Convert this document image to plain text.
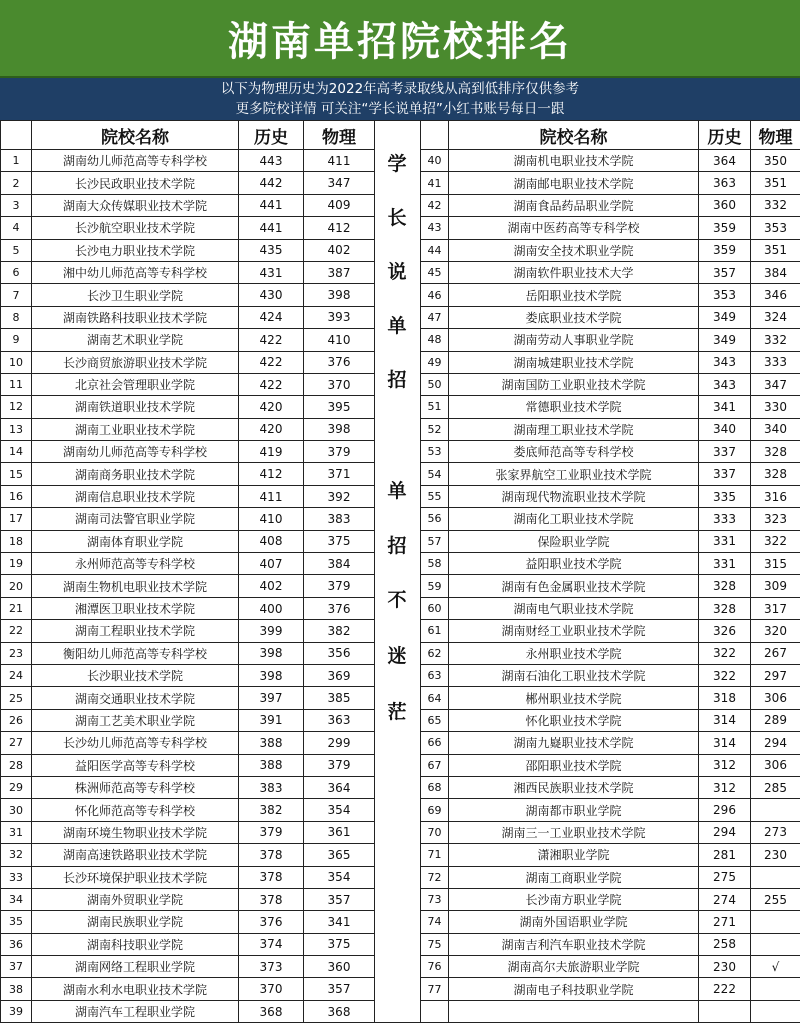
湖南单招院校排名
以下为物理历史为2022年高考录取线从高到低排序仅供参考
更多院校详情 可关注“学长说单招”小红书账号每日一跟
	院校名称	历史	物理
1	湖南幼儿师范高等专科学校	443	411
2	长沙民政职业技术学院	442	347
3	湖南大众传媒职业技术学院	441	409
4	长沙航空职业技术学院	441	412
5	长沙电力职业技术学院	435	402
6	湘中幼儿师范高等专科学校	431	387
7	长沙卫生职业学院	430	398
8	湖南铁路科技职业技术学院	424	393
9	湖南艺术职业学院	422	410
10	长沙商贸旅游职业技术学院	422	376
11	北京社会管理职业学院	422	370
12	湖南铁道职业技术学院	420	395
13	湖南工业职业技术学院	420	398
14	湖南幼儿师范高等专科学校	419	379
15	湖南商务职业技术学院	412	371
16	湖南信息职业技术学院	411	392
17	湖南司法警官职业学院	410	383
18	湖南体育职业学院	408	375
19	永州师范高等专科学校	407	384
20	湖南生物机电职业技术学院	402	379
21	湘潭医卫职业技术学院	400	376
22	湖南工程职业技术学院	399	382
23	衡阳幼儿师范高等专科学校	398	356
24	长沙职业技术学院	398	369
25	湖南交通职业技术学院	397	385
26	湖南工艺美术职业学院	391	363
27	长沙幼儿师范高等专科学校	388	299
28	益阳医学高等专科学校	388	379
29	株洲师范高等专科学校	383	364
30	怀化师范高等专科学校	382	354
31	湖南环境生物职业技术学院	379	361
32	湖南高速铁路职业技术学院	378	365
33	长沙环境保护职业技术学院	378	354
34	湖南外贸职业学院	378	357
35	湖南民族职业学院	376	341
36	湖南科技职业学院	374	375
37	湖南网络工程职业学院	373	360
38	湖南水利水电职业技术学院	370	357
39	湖南汽车工程职业学院	368	368
学
长
说
单
招
单
招
不
迷
茫
	院校名称	历史	物理
40	湖南机电职业技术学院	364	350
41	湖南邮电职业技术学院	363	351
42	湖南食品药品职业学院	360	332
43	湖南中医药高等专科学校	359	353
44	湖南安全技术职业学院	359	351
45	湖南软件职业技术大学	357	384
46	岳阳职业技术学院	353	346
47	娄底职业技术学院	349	324
48	湖南劳动人事职业学院	349	332
49	湖南城建职业技术学院	343	333
50	湖南国防工业职业技术学院	343	347
51	常德职业技术学院	341	330
52	湖南理工职业技术学院	340	340
53	娄底师范高等专科学校	337	328
54	张家界航空工业职业技术学院	337	328
55	湖南现代物流职业技术学院	335	316
56	湖南化工职业技术学院	333	323
57	保险职业学院	331	322
58	益阳职业技术学院	331	315
59	湖南有色金属职业技术学院	328	309
60	湖南电气职业技术学院	328	317
61	湖南财经工业职业技术学院	326	320
62	永州职业技术学院	322	267
63	湖南石油化工职业技术学院	322	297
64	郴州职业技术学院	318	306
65	怀化职业技术学院	314	289
66	湖南九嶷职业技术学院	314	294
67	邵阳职业技术学院	312	306
68	湘西民族职业技术学院	312	285
69	湖南都市职业学院	296	
70	湖南三一工业职业技术学院	294	273
71	潇湘职业学院	281	230
72	湖南工商职业学院	275	
73	长沙南方职业学院	274	255
74	湖南外国语职业学院	271	
75	湖南吉利汽车职业技术学院	258	
76	湖南高尔夫旅游职业学院	230	√
77	湖南电子科技职业学院	222	
